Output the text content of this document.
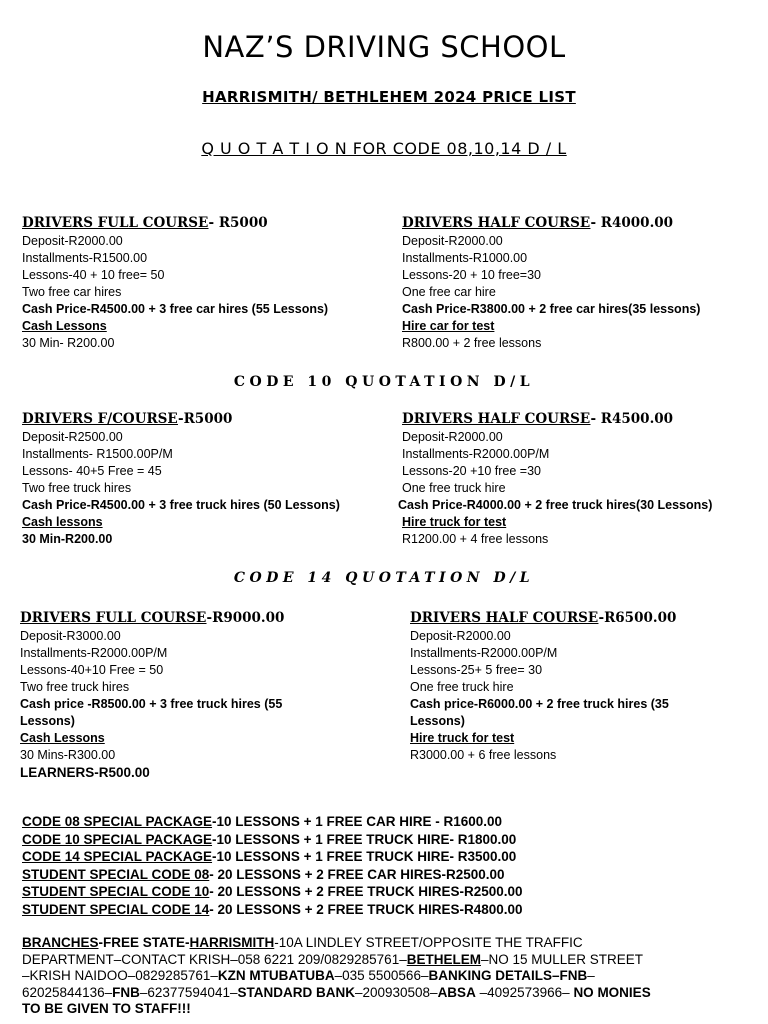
NAZ’S DRIVING SCHOOL
HARRISMITH/ BETHLEHEM 2024 PRICE LIST
Q U O T A T I O N FOR CODE 08,10,14 D / L
DRIVERS FULL COURSE- R5000
Deposit-R2000.00
Installments-R1500.00
Lessons-40 + 10 free= 50
Two free car hires
Cash Price-R4500.00 + 3 free car hires (55 Lessons)
Cash Lessons
30 Min- R200.00
DRIVERS HALF COURSE- R4000.00
Deposit-R2000.00
Installments-R1000.00
Lessons-20 + 10 free=30
One free car hire
Cash Price-R3800.00 + 2 free car hires(35 lessons)
Hire car for test
R800.00 + 2 free lessons
CODE 10 QUOTATION D/L
DRIVERS F/COURSE-R5000
Deposit-R2500.00
Installments- R1500.00P/M
Lessons- 40+5 Free = 45
Two free truck hires
Cash Price-R4500.00 + 3 free truck hires (50 Lessons)
Cash lessons
30 Min-R200.00
DRIVERS HALF COURSE- R4500.00
Deposit-R2000.00
Installments-R2000.00P/M
Lessons-20 +10 free =30
One free truck hire
Cash Price-R4000.00 + 2 free truck hires(30 Lessons)
Hire truck for test
R1200.00 + 4 free lessons
CODE 14 QUOTATION D/L
DRIVERS FULL COURSE-R9000.00
Deposit-R3000.00
Installments-R2000.00P/M
Lessons-40+10 Free = 50
Two free truck hires
Cash price -R8500.00 + 3 free truck hires (55
Lessons)
Cash Lessons
30 Mins-R300.00
LEARNERS-R500.00
DRIVERS HALF COURSE-R6500.00
Deposit-R2000.00
Installments-R2000.00P/M
Lessons-25+ 5 free= 30
One free truck hire
Cash price-R6000.00 + 2 free truck hires (35
Lessons)
Hire truck for test
R3000.00 + 6 free lessons
CODE 08 SPECIAL PACKAGE-10 LESSONS + 1 FREE CAR HIRE - R1600.00
CODE 10 SPECIAL PACKAGE-10 LESSONS + 1 FREE TRUCK HIRE- R1800.00
CODE 14 SPECIAL PACKAGE-10 LESSONS + 1 FREE TRUCK HIRE- R3500.00
STUDENT SPECIAL CODE 08- 20 LESSONS + 2 FREE CAR HIRES-R2500.00
STUDENT SPECIAL CODE 10- 20 LESSONS + 2 FREE TRUCK HIRES-R2500.00
STUDENT SPECIAL CODE 14- 20 LESSONS + 2 FREE TRUCK HIRES-R4800.00
BRANCHES-FREE STATE-HARRISMITH-10A LINDLEY STREET/OPPOSITE THE TRAFFIC DEPARTMENT–CONTACT KRISH–058 6221 209/0829285761–BETHELEM–NO 15 MULLER STREET –KRISH NAIDOO–0829285761–KZN MTUBATUBA–035 5500566–BANKING DETAILS–FNB–62025844136–FNB–62377594041–STANDARD BANK–200930508–ABSA –4092573966– NO MONIES TO BE GIVEN TO STAFF!!!
